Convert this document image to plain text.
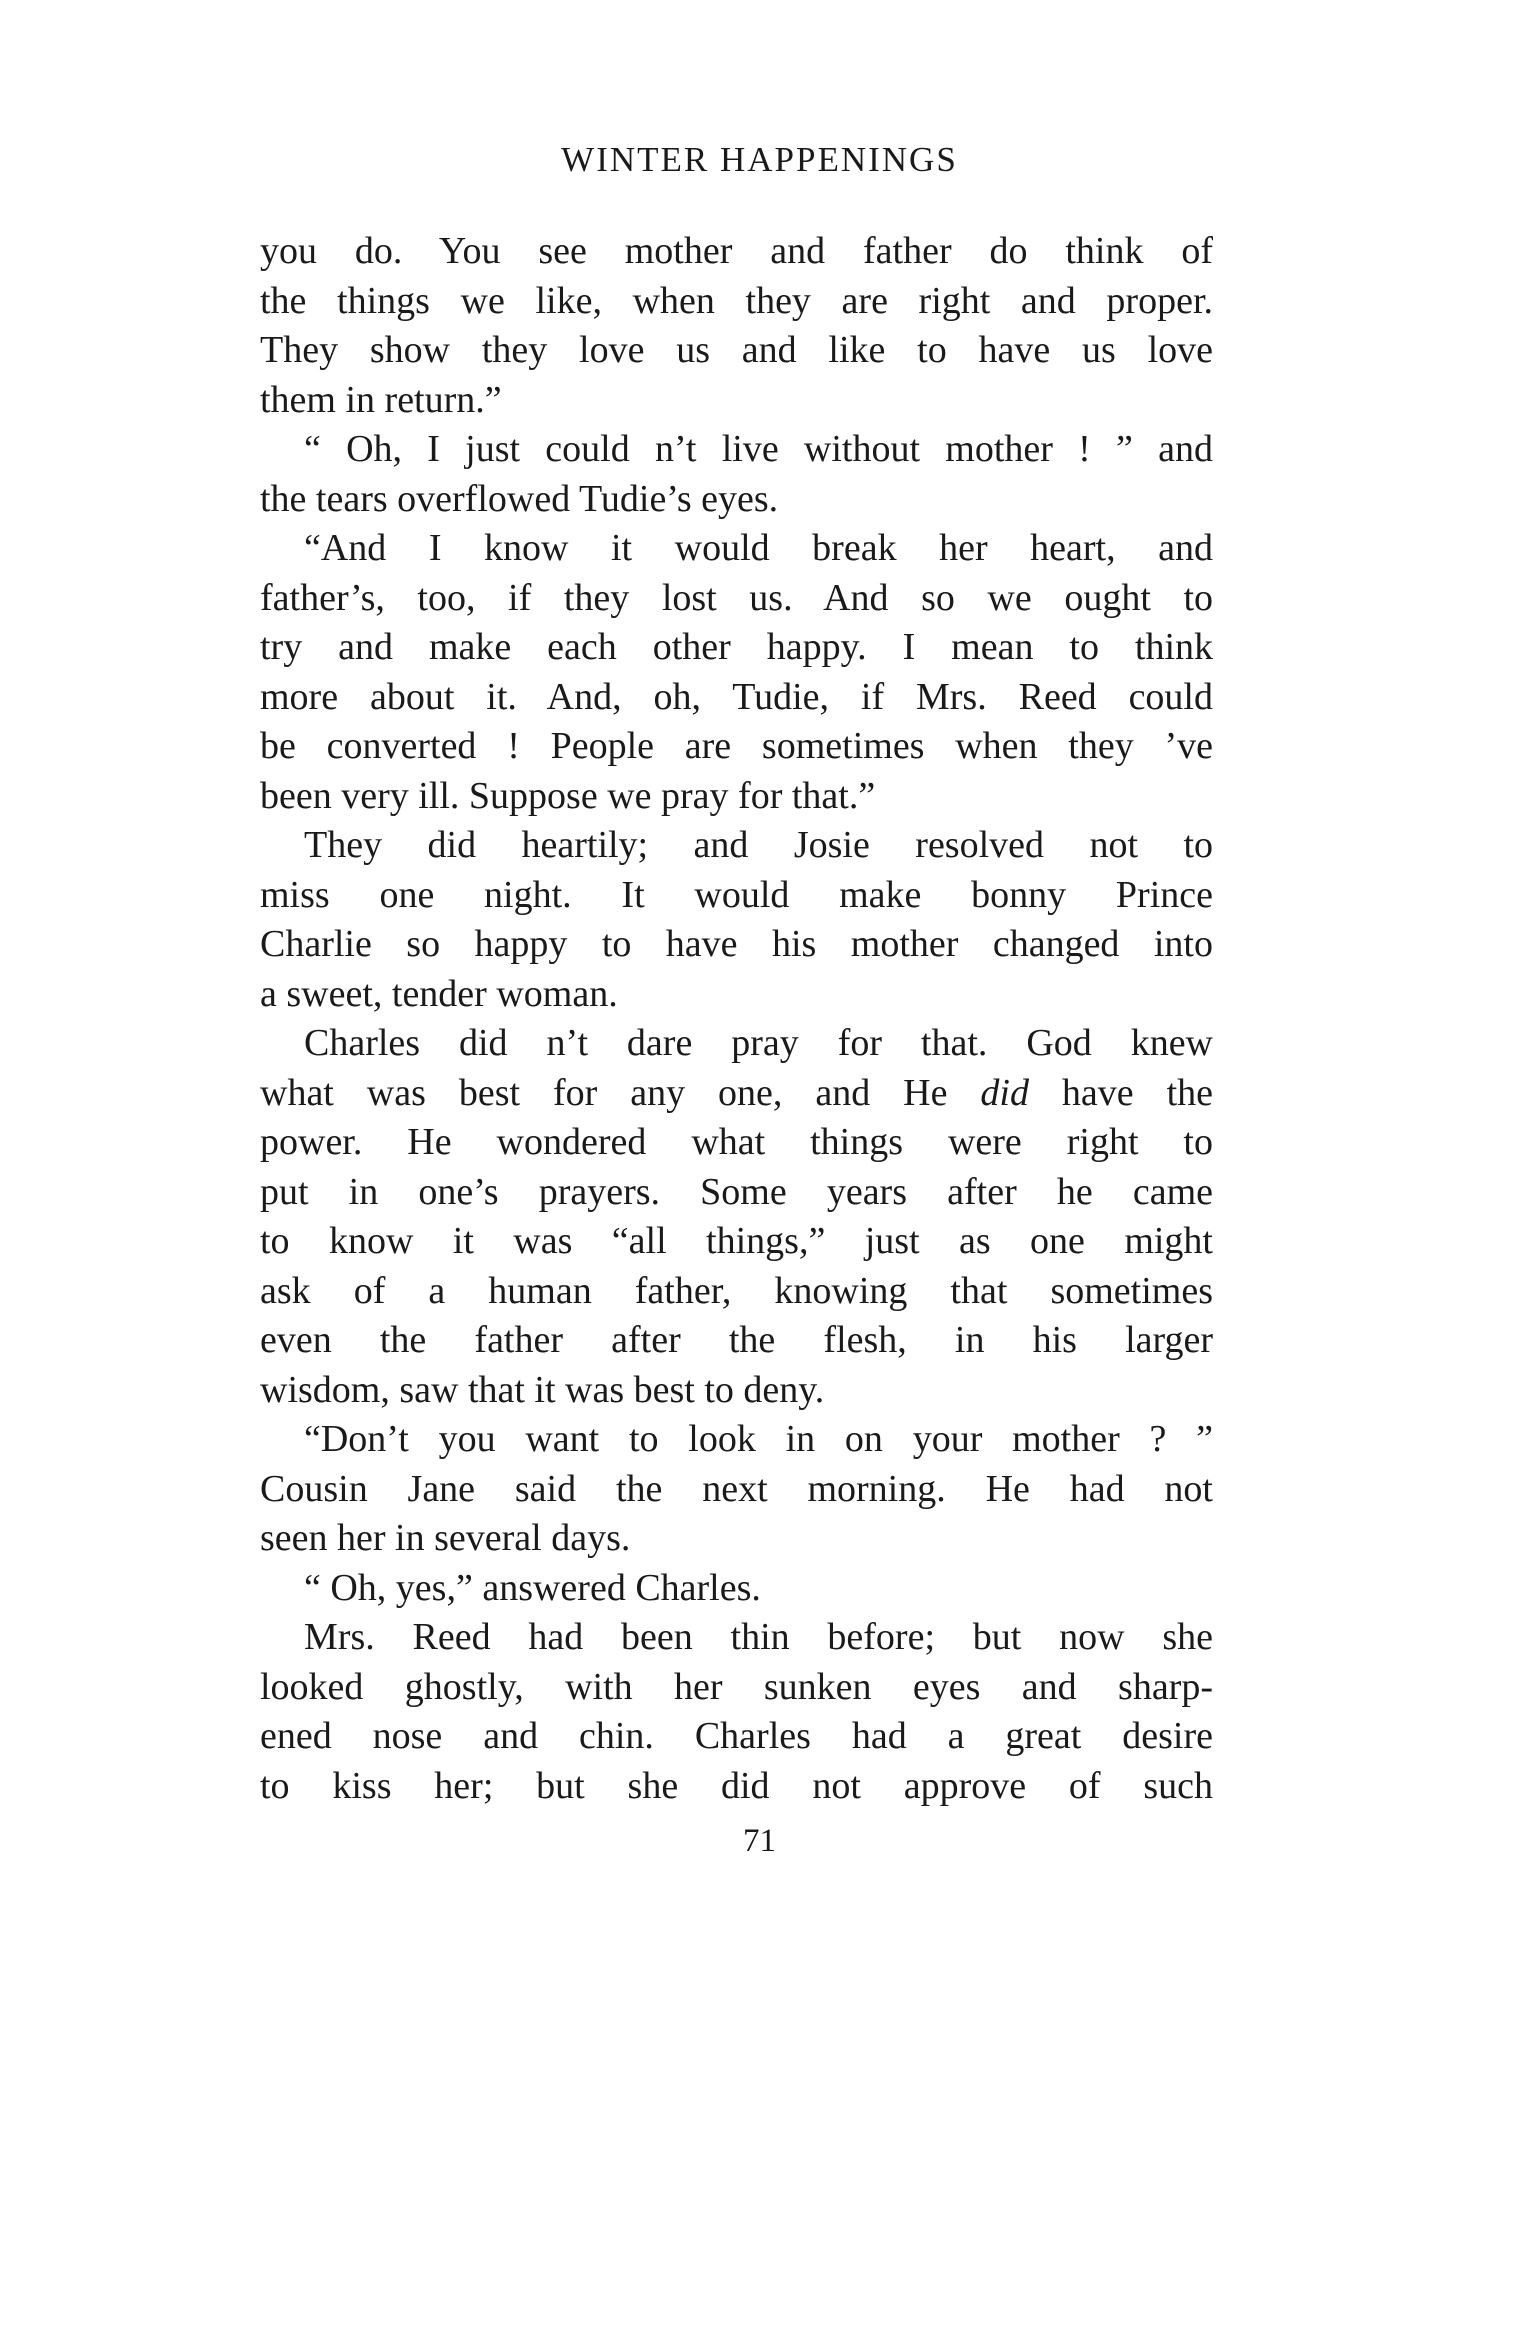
WINTER HAPPENINGS
you do. You see mother and father do think of
the things we like, when they are right and proper.
They show they love us and like to have us love
them in return.”
“ Oh, I just could n’t live without mother ! ” and
the tears overflowed Tudie’s eyes.
“And I know it would break her heart, and
father’s, too, if they lost us. And so we ought to
try and make each other happy. I mean to think
more about it. And, oh, Tudie, if Mrs. Reed could
be converted ! People are sometimes when they ’ve
been very ill. Suppose we pray for that.”
They did heartily; and Josie resolved not to
miss one night. It would make bonny Prince
Charlie so happy to have his mother changed into
a sweet, tender woman.
Charles did n’t dare pray for that. God knew
what was best for any one, and He did have the
power. He wondered what things were right to
put in one’s prayers. Some years after he came
to know it was “all things,” just as one might
ask of a human father, knowing that sometimes
even the father after the flesh, in his larger
wisdom, saw that it was best to deny.
“Don’t you want to look in on your mother ? ”
Cousin Jane said the next morning. He had not
seen her in several days.
“ Oh, yes,” answered Charles.
Mrs. Reed had been thin before; but now she
looked ghostly, with her sunken eyes and sharp-
ened nose and chin. Charles had a great desire
to kiss her; but she did not approve of such
71
